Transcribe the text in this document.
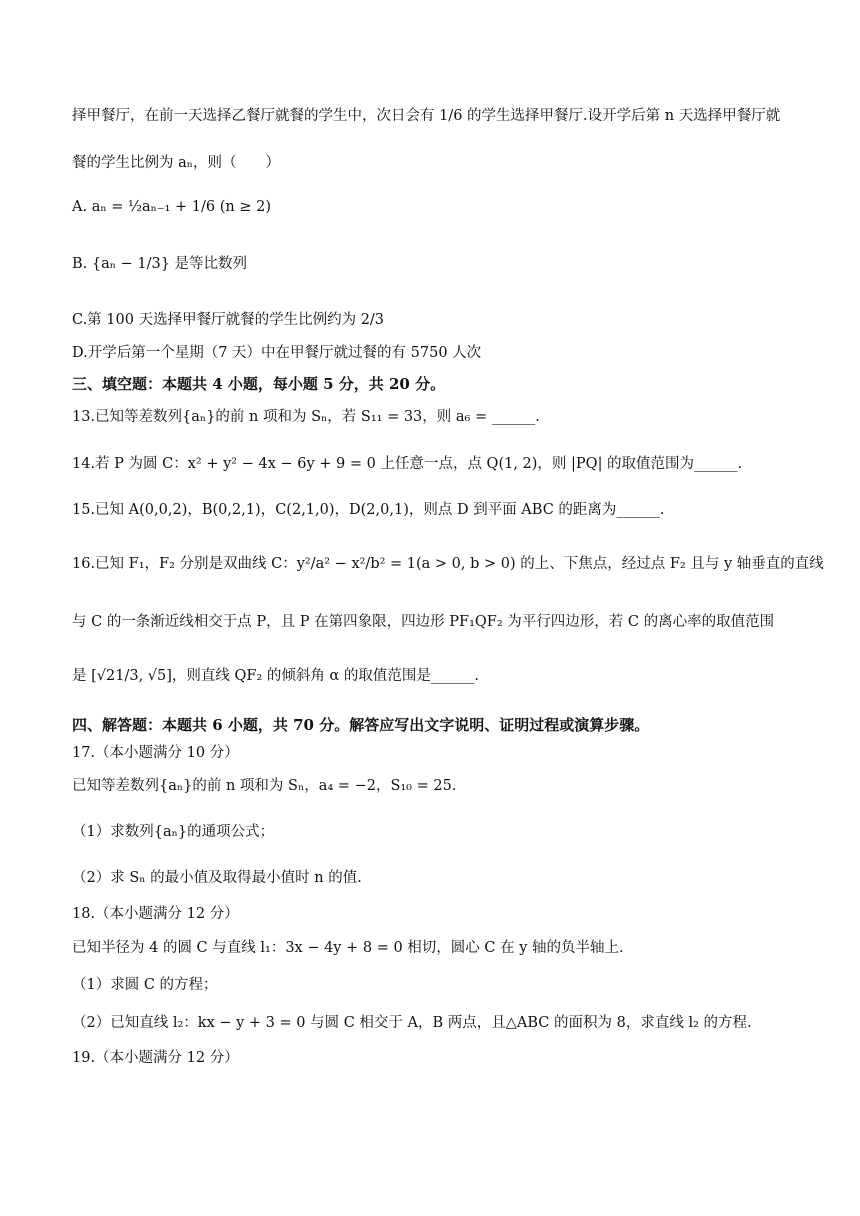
择甲餐厅，在前一天选择乙餐厅就餐的学生中，次日会有 1/6 的学生选择甲餐厅.设开学后第 n 天选择甲餐厅就
餐的学生比例为 aₙ，则（　　）
A. aₙ = ½aₙ₋₁ + 1/6 (n ≥ 2)
B. {aₙ − 1/3} 是等比数列
C.第 100 天选择甲餐厅就餐的学生比例约为 2/3
D.开学后第一个星期（7 天）中在甲餐厅就过餐的有 5750 人次
三、填空题：本题共 4 小题，每小题 5 分，共 20 分。
13.已知等差数列{aₙ}的前 n 项和为 Sₙ，若 S₁₁ = 33，则 a₆ = ______.
14.若 P 为圆 C：x² + y² − 4x − 6y + 9 = 0 上任意一点，点 Q(1, 2)，则 |PQ| 的取值范围为______.
15.已知 A(0,0,2)，B(0,2,1)，C(2,1,0)，D(2,0,1)，则点 D 到平面 ABC 的距离为______.
16.已知 F₁，F₂ 分别是双曲线 C：y²/a² − x²/b² = 1(a > 0, b > 0) 的上、下焦点，经过点 F₂ 且与 y 轴垂直的直线
与 C 的一条渐近线相交于点 P，且 P 在第四象限，四边形 PF₁QF₂ 为平行四边形，若 C 的离心率的取值范围
是 [√21/3, √5]，则直线 QF₂ 的倾斜角 α 的取值范围是______.
四、解答题：本题共 6 小题，共 70 分。解答应写出文字说明、证明过程或演算步骤。
17.（本小题满分 10 分）
已知等差数列{aₙ}的前 n 项和为 Sₙ，a₄ = −2，S₁₀ = 25.
（1）求数列{aₙ}的通项公式；
（2）求 Sₙ 的最小值及取得最小值时 n 的值.
18.（本小题满分 12 分）
已知半径为 4 的圆 C 与直线 l₁：3x − 4y + 8 = 0 相切，圆心 C 在 y 轴的负半轴上.
（1）求圆 C 的方程；
（2）已知直线 l₂：kx − y + 3 = 0 与圆 C 相交于 A，B 两点，且△ABC 的面积为 8，求直线 l₂ 的方程.
19.（本小题满分 12 分）
